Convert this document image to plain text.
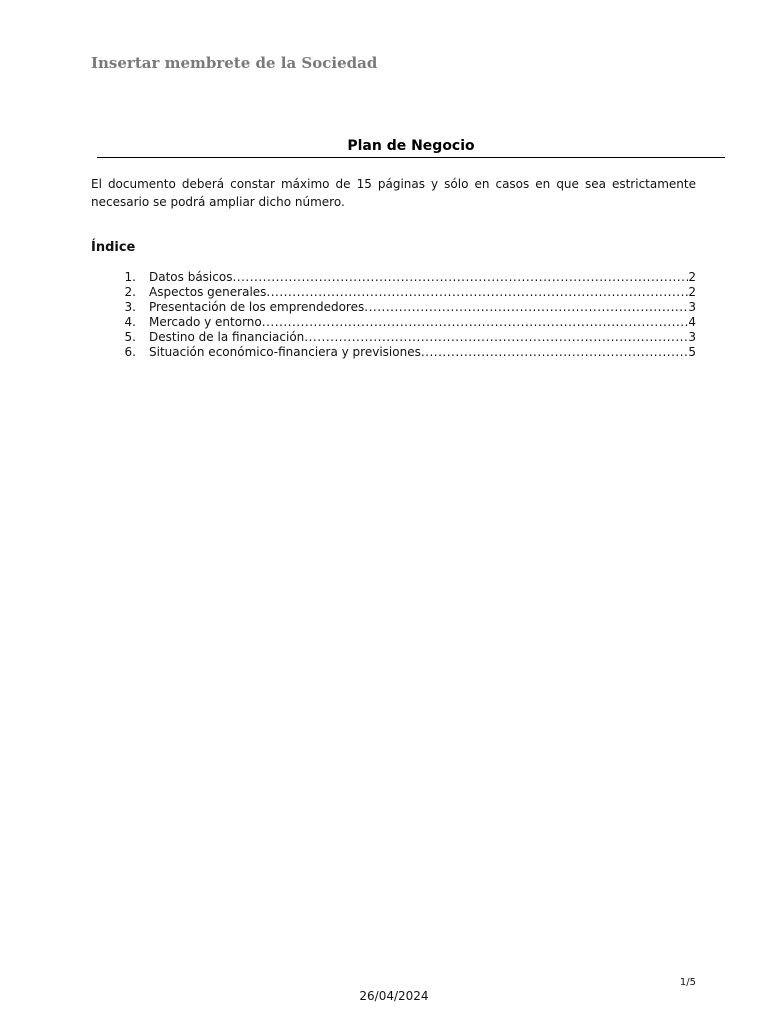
Insertar membrete de la Sociedad
Plan de Negocio
El documento deberá constar máximo de 15 páginas y sólo en casos en que sea estrictamente necesario se podrá ampliar dicho número.
Índice
1. Datos básicos .....	2
2. Aspectos generales .....	2
3. Presentación de los emprendedores .....	3
4. Mercado y entorno .....	4
5. Destino de la financiación .....	3
6. Situación económico-financiera y previsiones .....	5
1/5
26/04/2024
